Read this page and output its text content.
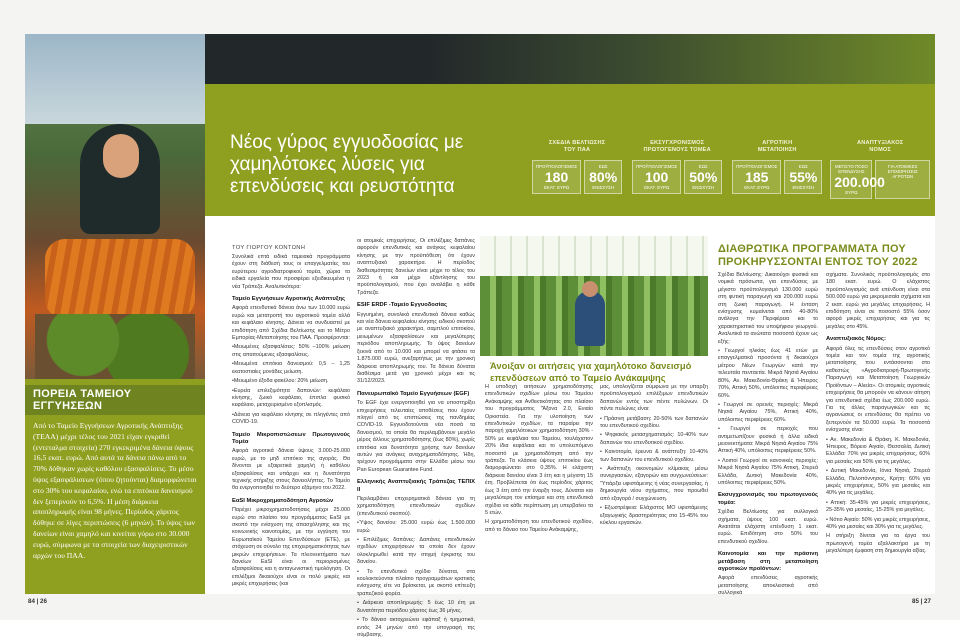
ΠΟΡΕΙΑ ΤΑΜΕΙΟΥ ΕΓΓΥΗΣΕΩΝ

Από το Ταμείο Εγγυήσεων Αγροτικής Ανάπτυξης (ΤΕΑΑ) μέχρι τέλος του 2021 είχαν εγκριθεί (εντεταλμα στοιχεία) 270 εγκεκριμένα δάνεια ύψους 16,5 εκατ. ευρώ. Από αυτά τα δάνεια πάνω από το 70% δόθηκαν χωρίς καθόλου εξασφαλίσεις. Το μέσο ύψος εξασφάλισεων (όπου ζητούνται) διαμορφώνεται στο 30% του κεφαλαίου, ενώ τα επιτόκια δανεισμού δεν ξεπερνούν το 6,5%. Η μέση διάρκεια αποπληρωμής είναι 98 μήνες. Περίοδος χάριτος δόθηκε σε λίγες περιπτώσεις (6 μηνών). Το ύψος των δανείων είναι χαμηλό και κινείται γύρω στο 30.000 ευρώ, σύμφωνα με τα στοιχεία των διαχειριστικών αρχών του ΠΑΑ.

Νέος γύρος εγγυοδοσίας με χαμηλότοκες λύσεις για επενδύσεις και ρευστότητα
ΣΧΕΔΙΑ ΒΕΛΤΙΩΣΗΣ
ΤΟΥ ΠΑΑ
ΠΡΟΫΠΟΛΟΓΙΣΜΟΣ
180
ΕΚΑΤ. ΕΥΡΩ
ΕΩΣ
80%
ΕΝΙΣΧΥΣΗ
ΕΚΣΥΓΧΡΟΝΙΣΜΟΣ
ΠΡΩΤΟΓΕΝΟΥΣ ΤΟΜΕΑ
ΠΡΟΫΠΟΛΟΓΙΣΜΟΣ
100
ΕΚΑΤ. ΕΥΡΩ
ΕΩΣ
50%
ΕΝΙΣΧΥΣΗ
ΑΓΡΟΤΙΚΗ
ΜΕΤΑΠΟΙΗΣΗ
ΠΡΟΫΠΟΛΟΓΙΣΜΟΣ
185
ΕΚΑΤ. ΕΥΡΩ
ΕΩΣ
55%
ΕΝΙΣΧΥΣΗ
ΑΝΑΠΤΥΞΙΑΚΟΣ
ΝΟΜΟΣ
ΜΕΓΙΣΤΟ ΠΟΣΟ ΕΠΕΝΔΥΣΗΣ
200.000
ΕΥΡΩ
ΓΙΑ ΑΤΟΜΙΚΕΣ ΕΠΙΧΕΙΡΗΣΕΙΣ ΑΓΡΟΤΩΝ
ΤΟΥ ΓΙΩΡΓΟΥ ΚΟΝΤΩΝΗ

Συνολικά επτά ειδικά ταμειακά προγράμματα έχουν στη διάθεσή τους οι επαγγελματίες του ευρύτερου αγροδιατροφικού τομέα, χώρια τα ειδικά εργαλεία που προσφέρει εξειδικευμένα η νέα Τράπεζα. Αναλυτικότερα:

Ταμείο Εγγυήσεων Αγροτικής Ανάπτυξης

Αφορά επενδυτικά δάνεια άνω των 10.000 ευρώ ευρώ και μετατροπή του αγροτικού τομέα αλλά και κεφάλαιο κίνησης. Δάνεια να συνδυαστεί με επιδότηση από Σχέδια Βελτίωσης και το Μέτρο Εμπορίας-Μεταποίησης του ΠΑΑ. Προσφέρονται:

•Μειωμένες εξασφαλίσεις: 50% –100% μείωση στις απαιτούμενες εξασφαλίσεις.

•Μειωμένα επιτόκια δανεισμού: 0,5 – 1,25 εκατοστιαίες μονάδες μείωση.

•Μειωμένο έξοδα φακέλου: 20% μείωση.

•Ευρεία επιλεξιμότητα δαπανών: κεφάλαιο κίνησης, ζωικό κεφάλαιο, έπιπλα φυσικό κεφάλαιο, μεταχειρισμένο εξοπλισμός.

•Δάνεια για κεφάλαιο κίνησης σε πληγέντες από COVID-19.

Ταμείο Μικροπιστώσεων Πρωτογενούς Τομέα

Αφορά αγροτικά δάνεια ύψους 3.000-25.000 ευρώ, με το μηδ επιτόκιο της αγοράς. Θα δίνονται με εξαιρετικά χαμηλή ή καθόλου εξασφαλίσεις και υπάρχει και η δυνατότητα τεχνικής στήριξης στους δανειολήπτες. Το Ταμείο θα ενεργοποιηθεί το δεύτερο εξάμηνο του 2022.

ΕαSI Μικροχρηματοδότηση Αγροτών

Παρέχει μικροχρηματοδοτήσεις μέχρι 25.000 ευρώ στο πλαίσιο του προγράμματος EaSI με σκοπό την ενίσχυση της απασχόλησης και της κοινωνικής καινοτομίας, με την εγγύηση του Ευρωπαϊκού Ταμείου Επενδύσεων (ΕΤΕ), με στόχευση σε σύνολο της επιχειρηματικότητας των μικρών επιχειρήσεων. Τα πλεονεκτήματα των δανείων EaSI είναι οι περιορισμένες εξασφαλίσεις και η ανταγωνιστική τιμολόγηση. Οι επιλέξιμοι δικαιούχοι είναι οι πολύ μικρές και μικρές επιχειρήσεις (και

οι ατομικές επιχειρήσεις. Οι επιλέξιμες δαπάνες αφορούν επενδυτικές και ανάγκες κεφαλαίου κίνησης με την προϋπόθεση ότι έχουν αναπτυξιακό χαρακτήρα. Η περίοδος διαθεσιμότητας δανείων είναι μέχρι το τέλος του 2023 ή και μέχρι εξάντλησης του προϋπολογισμού, που έχει αναλάβει η κάθε Τράπεζα.

ESIF ERDF -Ταμείο Εγγυοδοσίας

Εγγυημένη, συνολικά επενδυτικά δάνεια καθώς και νέα δάνεια κεφαλαίου κίνησης ειδικού σκοπού με αναπτυξιακό χαρακτήρα, σαμπλού επιτοκίου, μειωμένων εξασφαλίσεων και μεγαλύτερης περιόδου αποπληρωμής. Το ύψος δανείων ξεκινά από το 10.000 και μπορεί να φτάσει τα 1.875.000 ευρώ, ανεξαρτήτως με την χρονική διάρκεια αποπληρωμής του. Τα δάνεια δύναται διαθέσιμα μετά για χρονικό μέχρι και τις 31/12/2023.

Πανευρωπαϊκό Ταμείο Εγγυήσεων (EGF)

Το EGF έχει ενεργοποιηθεί για να υποστηρίξει επιχειρήσεις τελευταίες αποθέσεις που έχουν πληγεί από τις επιπτώσεις της πανδημίας COVID-19. Εγγυοδοτούνται νέα ποσά τα δανεισμού, τα οποία θα περιλαμβάνουν μεγάλο μέρος άλλους χρηματοδότησης (έως 80%), χωρίς επιτόκια και δυνατότητα χρήσης των δανείων αυτών για ανάγκες αναχρηματοδότησης. Ήδη, τρέχουν προγράμματα στην Ελλάδα μέσω του Pan European Guarantee Fund.

Ελληνικής Αναπτυξιακής Τράπεζας ΤΕΠΙΧ ΙΙ

Περιλαμβάνει επιχειρηματικά δάνεια για τη χρηματοδότηση επενδυτικών σχεδίων (επενδυτικού σκοπού).

•Ύψος δανείου: 25.000 ευρώ έως 1.500.000 ευρώ

• Επιλέξιμες δαπάνες: Δαπάνες επενδυτικών σχεδίων επιχειρήσεων τα οποία δεν έχουν ολοκληρωθεί κατά την στιγμή έγκρισης του δανείου.

• Το επενδυτικό σχέδιο δύναται, στα κουλοκτεύονται πλαίσιο προγραμμάτων κρατικής ενίσχυσης είτε να βρίσκεται, με σκοπό επίτευξη τραπεζικού φορέα.

• Διάρκεια αποπληρωμής: 5 έως 10 έτη με δυνατότητα περιόδου χάριτος έως 36 μήνες.

• Το δάνειο ακτοχρεώνει εφάπαξ ή τμηματικά, εντός 24 μηνών από την υπογραφή της σύμβασης.

Άνοιξαν οι αιτήσεις για χαμηλότοκο δανεισμό επενδύσεων από το Ταμείο Ανάκαμψης

Η υποδοχή αιτήσεων χρηματοδότησης επενδυτικών σχεδίων μέσω του Ταμείου Ανάκαμψης και Ανθεκτικότητας στο πλαίσιο του προγράμματος "Άξονα 2.0, Ενιαίο Ορκιστεία. Για την υλοποίηση των επενδυτικών σχεδίων, τα παραίρει την παροχή χαμηλότοκων χρηματοδότηση 30% - 50% με κεφάλαια του Ταμείου, τουλάχιστον 20% ίδια κεφάλαια και το υπολειπόμενο ποσοστό με χρηματοδότηση από την τράπεζα. Τα κλάσεια ύψους επιτοκίου έως διαμορφώνεται στο 0,35%. Η ελάχιστη διάρκεια δανείου είναι 3 έτη και η μέγιστη 15 έτη. Προβλέπεται ότι έως περίοδος χάριτος έως 3 έτη από την έναρξη τους. Δύναται και μεγαλύτερη τον επίσημα και στη επενδυτικά σχέδια να κάθε περίπτωση μη υπερβαίνει τα 5 ετών.

Η χρηματοδότηση του επενδυτικού σχεδίου, από το δάνειο του Ταμείου Ανάκαμψης,

μας, υπολογίζεται σύμφωνα με την υπαρξη προϋπολογισμού επιλέξιμων επενδυτικών δαπανών εντός των πέντε πυλώνων. Οι πέντε πυλώνες είναι:

• Πράσινη μετάβαση: 20-50% των δαπανών του επενδυτικού σχεδίου.

• Ψηφιακός μετασχηματισμός: 10-40% των δαπανών του επενδυτικού σχεδίου.

• Καινοτομία, έρευνα & ανάπτυξη: 10-40% των δαπανών του επενδυτικού σχεδίου.

• Ανάπτυξη οικονομιών κλίμακας μέσω συνεργασιών, εξαγορών και συγχωνεύσεων: "Υπάρξει υφιστάμενης ή νέας συνεργασίας, ή δημιουργία νέου σχήματος, που προωθεί από εξαγορά / συγχώνευση.

• Εξωστρέφεια: Ελάχιστος ΜΟ υφιστάμενης εξαγωγικής δραστηριότητας στο 15-45% του κύκλου εργασιών.

ΔΙΑΘΡΩΤΙΚΑ ΠΡΟΓΡΑΜΜΑΤΑ ΠΟΥ ΠΡΟΚΗΡΥΣΣΟΝΤΑΙ ΕΝΤΟΣ ΤΟΥ 2022

Σχέδια Βελτίωσης: Δικαιούχοι φυσικά και νομικά πρόσωπα, για επενδύσεις με μέγιστο προϋπολογισμό 130.000 ευρώ στη φυτική παραγωγή και 200.000 ευρώ στη ζωική παραγωγή. Η ένταση ενίσχυσης κυμαίνεται από 40-80% ανάλογα την Περιφέρεια και το χαρακτηριστικό του υποψήφιου γεωργού. Αναλυτικά τα ανώτατα ποσοστά έχουν ως εξής:

• Γεωργοί ηλικίας έως 41 ετών με επαγγελματικά προσόντα ή δικαιούχοι μέτρου Νέων Γεωργών κατά την τελευταία πενταετία. Μικρά Νησιά Αιγαίου 80%, Αν. Μακεδονία-Θράκη & Ήπειρος 70%, Αττική 50%, υπόλοιπες περιφέρειες 60%.

• Γεωργοί σε ορεινές περιοχές: Μικρά Νησιά Αιγαίου 75%, Αττική 40%, υπόλοιπες περιφέρειες 60%.

• Γεωργοί σε περιοχές που αντιμετωπίζουν φυσικά ή άλλα ειδικά μειονεκτήματα: Μικρά Νησιά Αιγαίου 75% Αττική 40%, υπόλοιπες περιφέρειες 50%.

• Λοιποί Γεωργοί σε κανονικές περιοχές: Μικρά Νησιά Αιγαίου 75% Αττική, Στερεά Ελλάδα, Δυτική Μακεδονία 40%, υπόλοιπες περιφέρειες 50%.

Εκσυγχρονισμός του πρωτογενούς τομέα:

Σχέδια Βελτίωσης για συλλογικά σχήματα, ύψους 100 εκατ. ευρώ. Αναιτάται ελάχιστη επένδυση 1 εκατ. ευρώ. Επιδότηση στο 50% του επενδυτικού σχεδίου.

Καινοτομία και την πράσινη μετάβαση στη μεταποίηση αγροτικών προϊόντων:

Αφορά επενδύσεις αγροτικής μεταποίησης αποκλειστικά από συλλογικά

σχήματα. Συνολικός προϋπολογισμός στο 180 εκατ. ευρώ. Ο ελάχιστος προϋπολογισμός ανά επένδυση είναι στα 500.000 ευρώ για μικρομεσαία σχήματα και 2 εκατ. ευρώ για μεγάλες επιχειρήσεις. Η επιδότηση είναι σε ποσοστό 55% όσον αφορά μικρές επιχειρήσεις και για τις μεγάλες στο 45%.

Αναπτυξιακός Νόμος:

Αφορά όλες τις επενδύσεις στον αγροτικό τομέα και τον τομέα της αγροτικής μεταποίησης που εντάσσονται στο καθεστώς «Αγροδιατροφή-Πρωτογενής Παραγωγή και Μεταποίηση Γεωργικών Προϊόντων – Αλιεία». Οι ατομικές αγροτικές επιχειρήσεις θα μπορούν να κάνουν αίτηση για επενδυτικά σχέδια έως 200.000 ευρώ. Για τις άλλες παραγωγικών και τις αγρανώσεις οι επενδύσεις θα πρέπει να ξεπερνούν τα 50.000 ευρώ. Τα ποσοστά ενίσχυσης είναι:

• Αν. Μακεδονία & Θράκη, Κ. Μακεδονία, Ήπειρος, Βόρειο Αιγαίο, Θεσσαλία, Δυτική Ελλάδα: 70% για μικρές επιχειρήσεις, 60% για μεσαίες και 50% για τις μεγάλες.

• Δυτική Μακεδονία, Ιόνια Νησιά, Στερεά Ελλάδα, Πελοπόννησος, Κρήτη: 60% για μικρές επιχειρήσεις, 50% για μεσαίες και 40% για τις μεγάλες.

• Αττική: 35-45% για μικρές επιχειρήσεις, 25-35% για μεσαίες, 15-25% για μεγάλες.

• Νότιο Αιγαίο: 50% για μικρές επιχειρήσεις, 40% για μεσαίες και 30% για τις μεγάλες.

Η στήριξη δίνεται για τα έργα του πρωτογενή τομέα εξαλλακτήρα με τη μεγαλύτερη έμφαση στη δημιουργία αξίας.

84 | 26	85 | 27
